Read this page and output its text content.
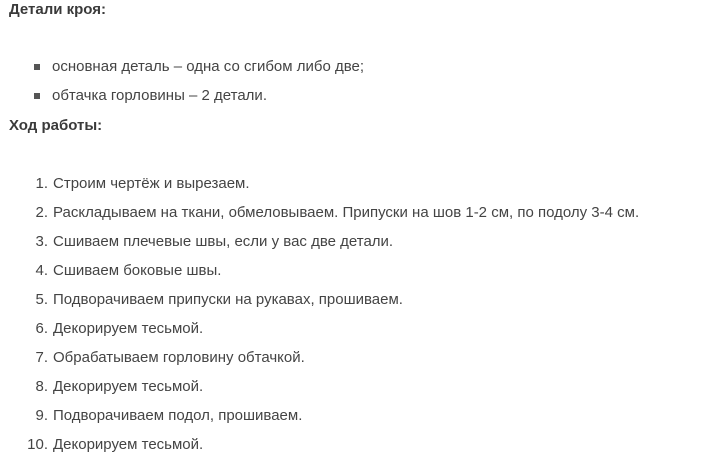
Детали кроя:
основная деталь – одна со сгибом либо две;
обтачка горловины – 2 детали.
Ход работы:
1. Строим чертёж и вырезаем.
2. Раскладываем на ткани, обмеловываем. Припуски на шов 1-2 см, по подолу 3-4 см.
3. Сшиваем плечевые швы, если у вас две детали.
4. Сшиваем боковые швы.
5. Подворачиваем припуски на рукавах, прошиваем.
6. Декорируем тесьмой.
7. Обрабатываем горловину обтачкой.
8. Декорируем тесьмой.
9. Подворачиваем подол, прошиваем.
10. Декорируем тесьмой.
